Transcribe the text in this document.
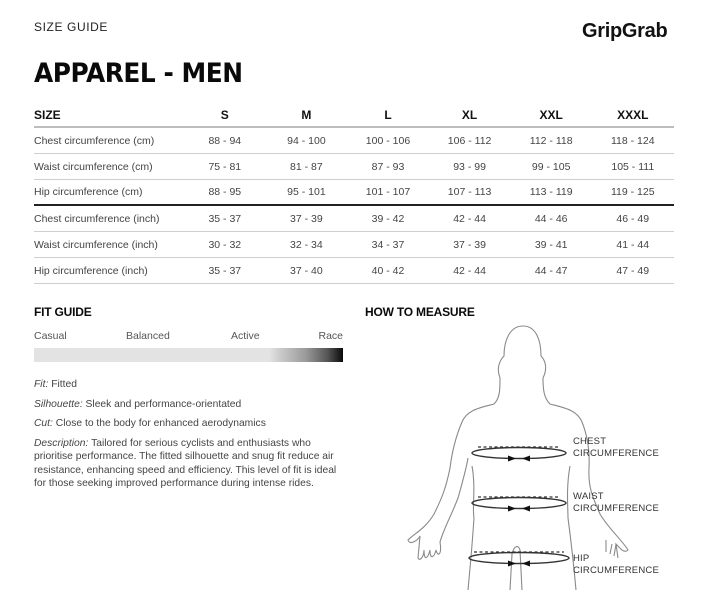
SIZE GUIDE	GripGrab
APPAREL - MEN
SIZE	S	M	L	XL	XXL	XXXL
Chest circumference (cm)	88 - 94	94 - 100	100 - 106	106 - 112	112 - 118	118 - 124
Waist circumference (cm)	75 - 81	81 - 87	87 - 93	93 - 99	99 - 105	105 - 111
Hip circumference (cm)	88 - 95	95 - 101	101 - 107	107 - 113	113 - 119	119 - 125
Chest circumference (inch)	35 - 37	37 - 39	39 - 42	42 - 44	44 - 46	46 - 49
Waist circumference (inch)	30 - 32	32 - 34	34 - 37	37 - 39	39 - 41	41 - 44
Hip circumference (inch)	35 - 37	37 - 40	40 - 42	42 - 44	44 - 47	47 - 49
FIT GUIDE
Casual	Balanced	Active	Race

Fit: Fitted

Silhouette: Sleek and performance-orientated

Cut: Close to the body for enhanced aerodynamics

Description: Tailored for serious cyclists and enthusiasts who prioritise performance. The fitted silhouette and snug fit reduce air resistance, enhancing speed and efficiency. This level of fit is ideal for those seeking improved performance during intense rides.

HOW TO MEASURE
CHEST
CIRCUMFERENCE
WAIST
CIRCUMFERENCE
HIP
CIRCUMFERENCE
